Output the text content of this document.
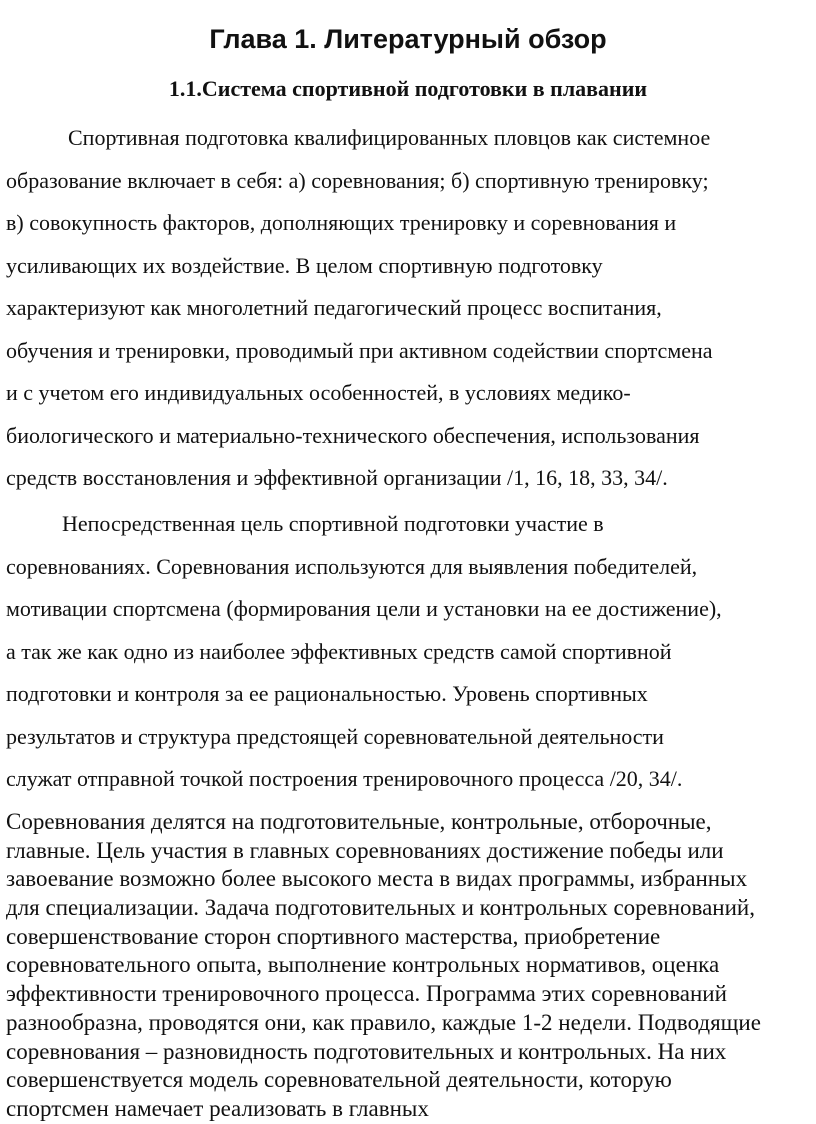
Глава 1. Литературный обзор
1.1.Система спортивной подготовки в плавании
Спортивная подготовка квалифицированных пловцов как системное
образование включает в себя: а) соревнования; б) спортивную тренировку;
в) совокупность факторов, дополняющих тренировку и соревнования и
усиливающих их воздействие. В целом спортивную подготовку
характеризуют как многолетний педагогический процесс воспитания,
обучения и тренировки, проводимый при активном содействии спортсмена
и с учетом его индивидуальных особенностей, в условиях медико-
биологического и материально-технического обеспечения, использования
средств восстановления и эффективной организации /1, 16, 18, 33, 34/.
Непосредственная цель спортивной подготовки участие в
соревнованиях. Соревнования используются для выявления победителей,
мотивации спортсмена (формирования цели и установки на ее достижение),
а так же как одно из наиболее эффективных средств самой спортивной
подготовки и контроля за ее рациональностью. Уровень спортивных
результатов и структура предстоящей соревновательной деятельности
служат отправной точкой построения тренировочного процесса /20, 34/.
Соревнования делятся на подготовительные, контрольные, отборочные,
главные. Цель участия в главных соревнованиях достижение победы или
завоевание возможно более высокого места в видах программы, избранных
для специализации. Задача подготовительных и контрольных соревнований,
совершенствование сторон спортивного мастерства, приобретение
соревновательного опыта, выполнение контрольных нормативов, оценка
эффективности тренировочного процесса. Программа этих соревнований
разнообразна, проводятся они, как правило, каждые 1-2 недели. Подводящие
соревнования – разновидность подготовительных и контрольных. На них
совершенствуется модель соревновательной деятельности, которую
спортсмен намечает реализовать в главных
